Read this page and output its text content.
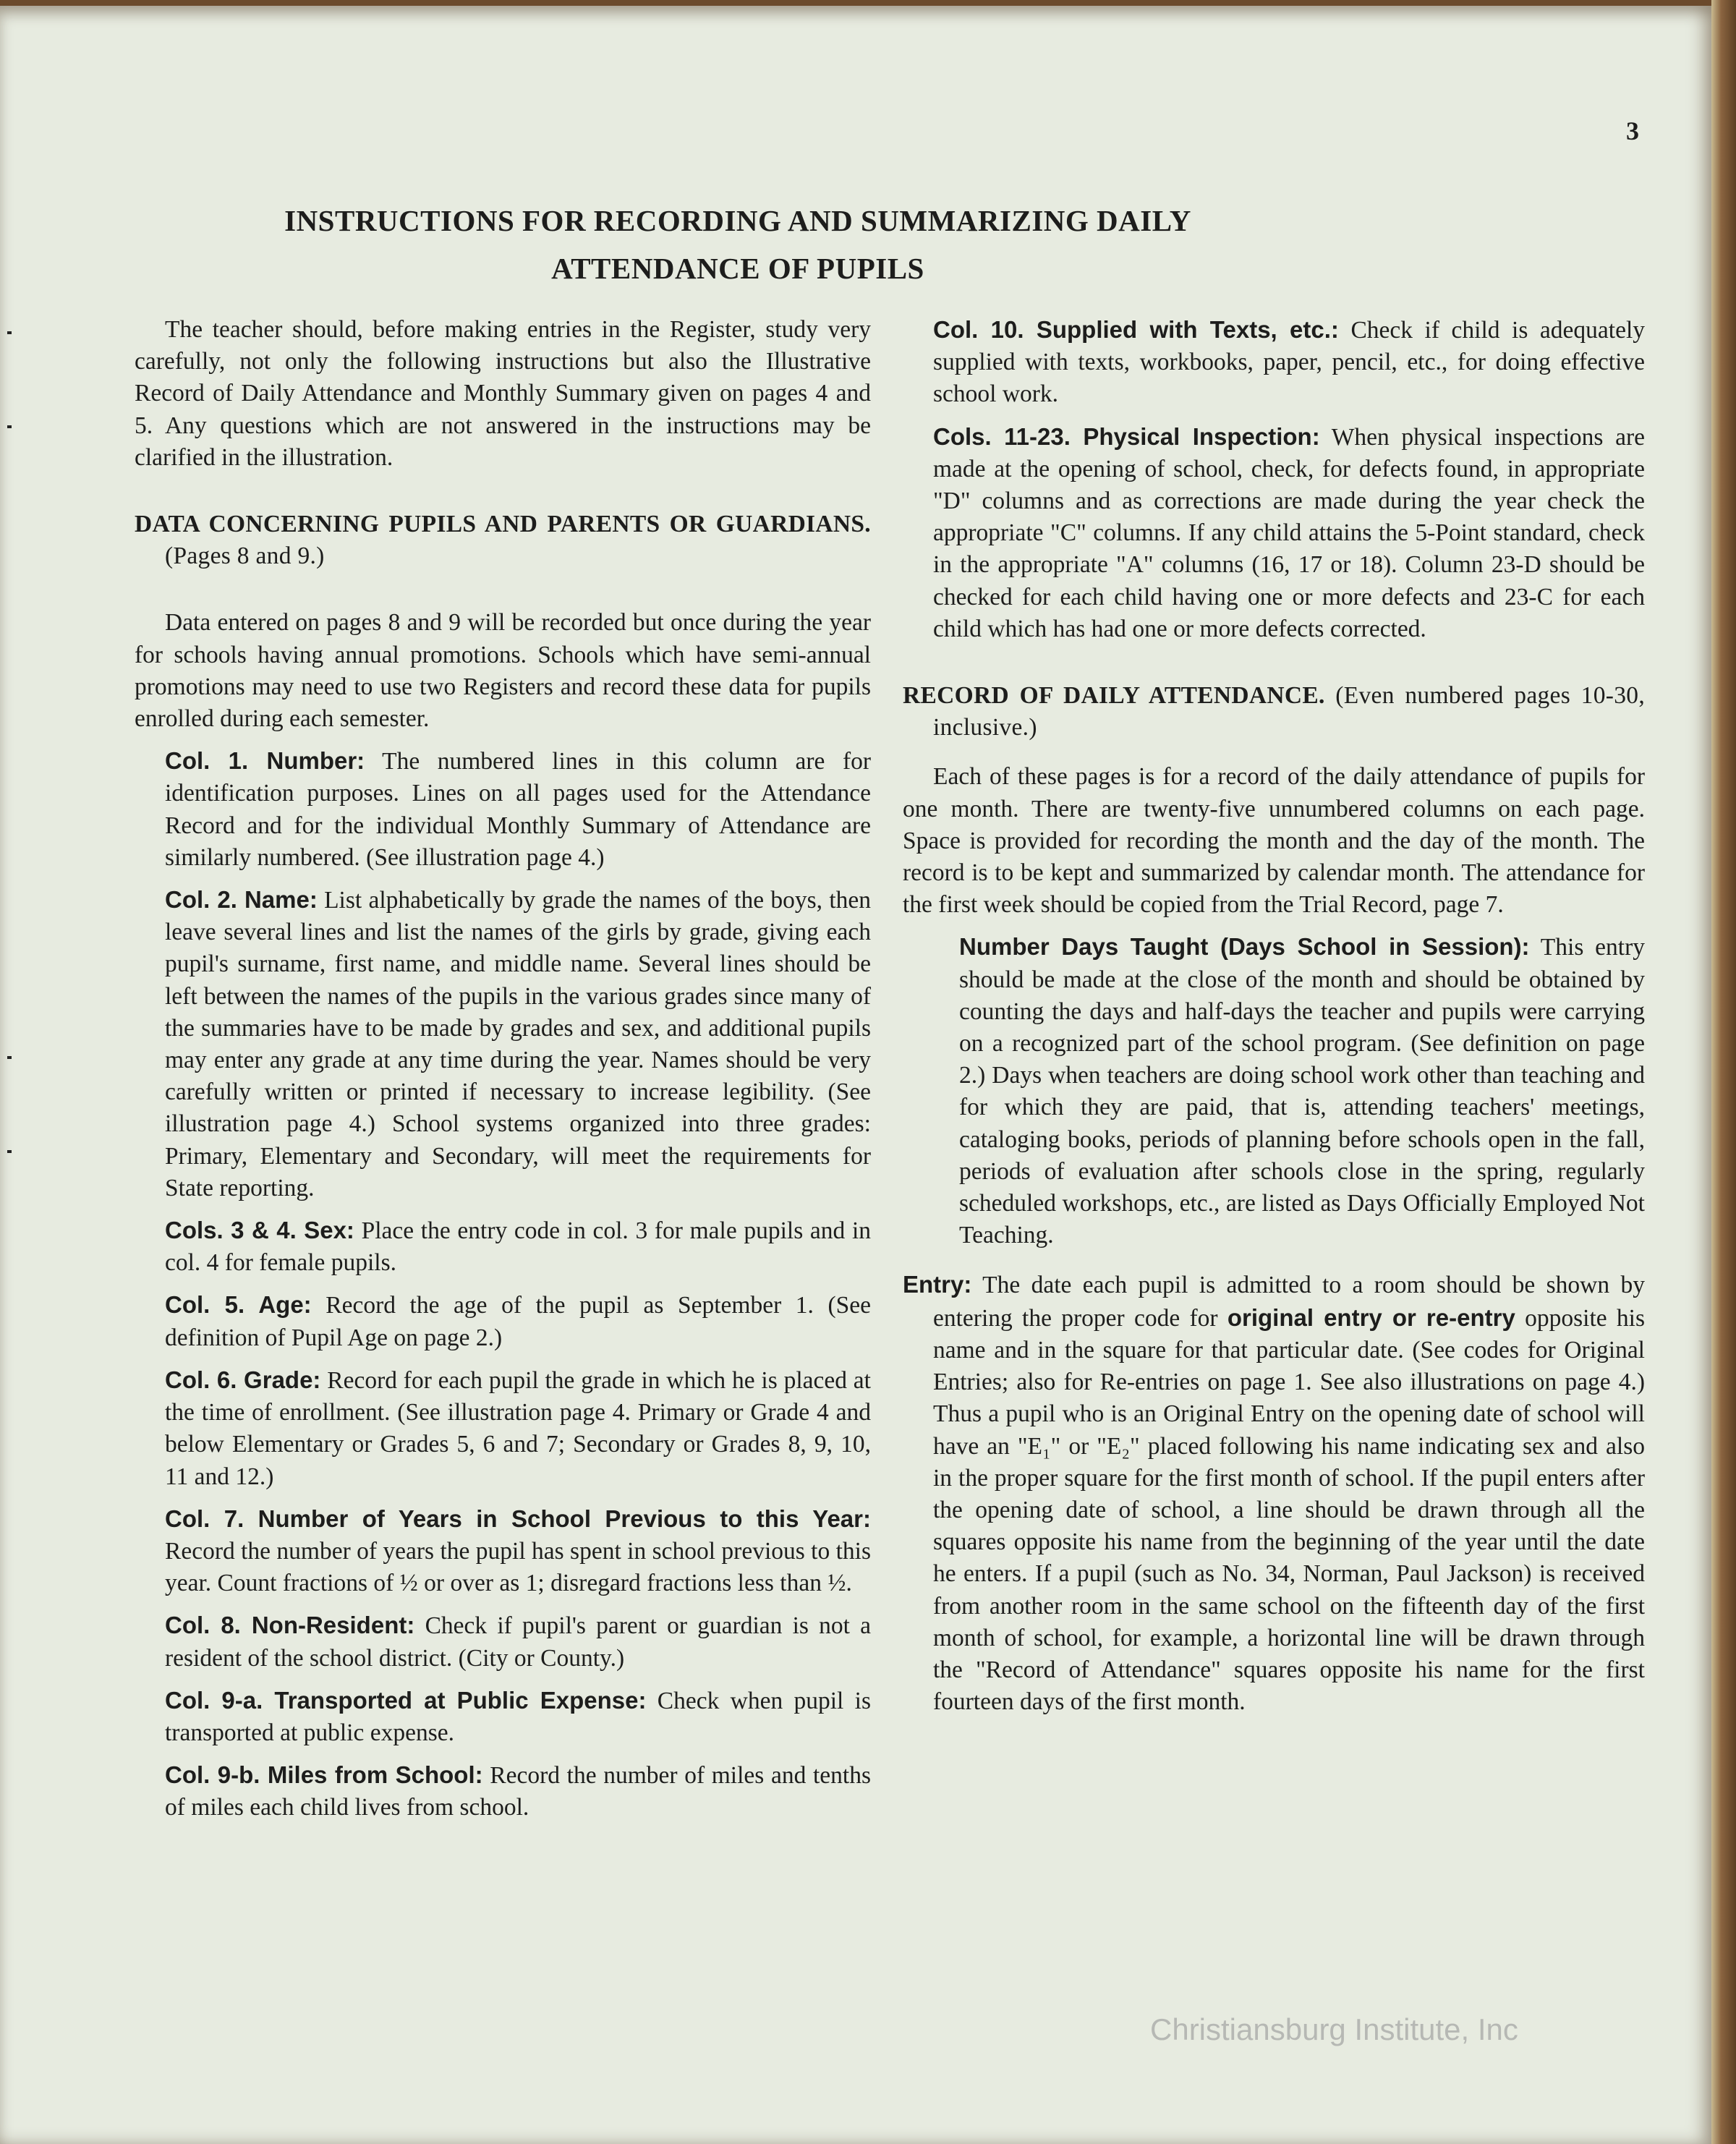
3
INSTRUCTIONS FOR RECORDING AND SUMMARIZING DAILY
ATTENDANCE OF PUPILS

The teacher should, before making entries in the Register, study very carefully, not only the following instructions but also the Illustrative Record of Daily Attendance and Monthly Summary given on pages 4 and 5. Any questions which are not answered in the instructions may be clarified in the illustration.

DATA CONCERNING PUPILS AND PARENTS OR GUARDIANS. (Pages 8 and 9.)

Data entered on pages 8 and 9 will be recorded but once during the year for schools having annual promotions. Schools which have semi-annual promotions may need to use two Registers and record these data for pupils enrolled during each semester.

Col. 1. Number: The numbered lines in this column are for identification purposes. Lines on all pages used for the Attendance Record and for the individual Monthly Summary of Attendance are similarly numbered. (See illustration page 4.)

Col. 2. Name: List alphabetically by grade the names of the boys, then leave several lines and list the names of the girls by grade, giving each pupil's surname, first name, and middle name. Several lines should be left between the names of the pupils in the various grades since many of the summaries have to be made by grades and sex, and additional pupils may enter any grade at any time during the year. Names should be very carefully written or printed if necessary to increase legibility. (See illustration page 4.) School systems organized into three grades: Primary, Elementary and Secondary, will meet the requirements for State reporting.

Cols. 3 & 4. Sex: Place the entry code in col. 3 for male pupils and in col. 4 for female pupils.

Col. 5. Age: Record the age of the pupil as September 1. (See definition of Pupil Age on page 2.)

Col. 6. Grade: Record for each pupil the grade in which he is placed at the time of enrollment. (See illustration page 4. Primary or Grade 4 and below Elementary or Grades 5, 6 and 7; Secondary or Grades 8, 9, 10, 11 and 12.)

Col. 7. Number of Years in School Previous to this Year: Record the number of years the pupil has spent in school previous to this year. Count fractions of ½ or over as 1; disregard fractions less than ½.

Col. 8. Non-Resident: Check if pupil's parent or guardian is not a resident of the school district. (City or County.)

Col. 9-a. Transported at Public Expense: Check when pupil is transported at public expense.

Col. 9-b. Miles from School: Record the number of miles and tenths of miles each child lives from school.

Col. 10. Supplied with Texts, etc.: Check if child is adequately supplied with texts, workbooks, paper, pencil, etc., for doing effective school work.

Cols. 11-23. Physical Inspection: When physical inspections are made at the opening of school, check, for defects found, in appropriate "D" columns and as corrections are made during the year check the appropriate "C" columns. If any child attains the 5-Point standard, check in the appropriate "A" columns (16, 17 or 18). Column 23-D should be checked for each child having one or more defects and 23-C for each child which has had one or more defects corrected.

RECORD OF DAILY ATTENDANCE. (Even numbered pages 10-30, inclusive.)

Each of these pages is for a record of the daily attendance of pupils for one month. There are twenty-five unnumbered columns on each page. Space is provided for recording the month and the day of the month. The record is to be kept and summarized by calendar month. The attendance for the first week should be copied from the Trial Record, page 7.

Number Days Taught (Days School in Session): This entry should be made at the close of the month and should be obtained by counting the days and half-days the teacher and pupils were carrying on a recognized part of the school program. (See definition on page 2.) Days when teachers are doing school work other than teaching and for which they are paid, that is, attending teachers' meetings, cataloging books, periods of planning before schools open in the fall, periods of evaluation after schools close in the spring, regularly scheduled workshops, etc., are listed as Days Officially Employed Not Teaching.

Entry: The date each pupil is admitted to a room should be shown by entering the proper code for original entry or re-entry opposite his name and in the square for that particular date. (See codes for Original Entries; also for Re-entries on page 1. See also illustrations on page 4.) Thus a pupil who is an Original Entry on the opening date of school will have an "E₁" or "E₂" placed following his name indicating sex and also in the proper square for the first month of school. If the pupil enters after the opening date of school, a line should be drawn through all the squares opposite his name from the beginning of the year until the date he enters. If a pupil (such as No. 34, Norman, Paul Jackson) is received from another room in the same school on the fifteenth day of the first month of school, for example, a horizontal line will be drawn through the "Record of Attendance" squares opposite his name for the first fourteen days of the first month.

Christiansburg Institute, Inc
